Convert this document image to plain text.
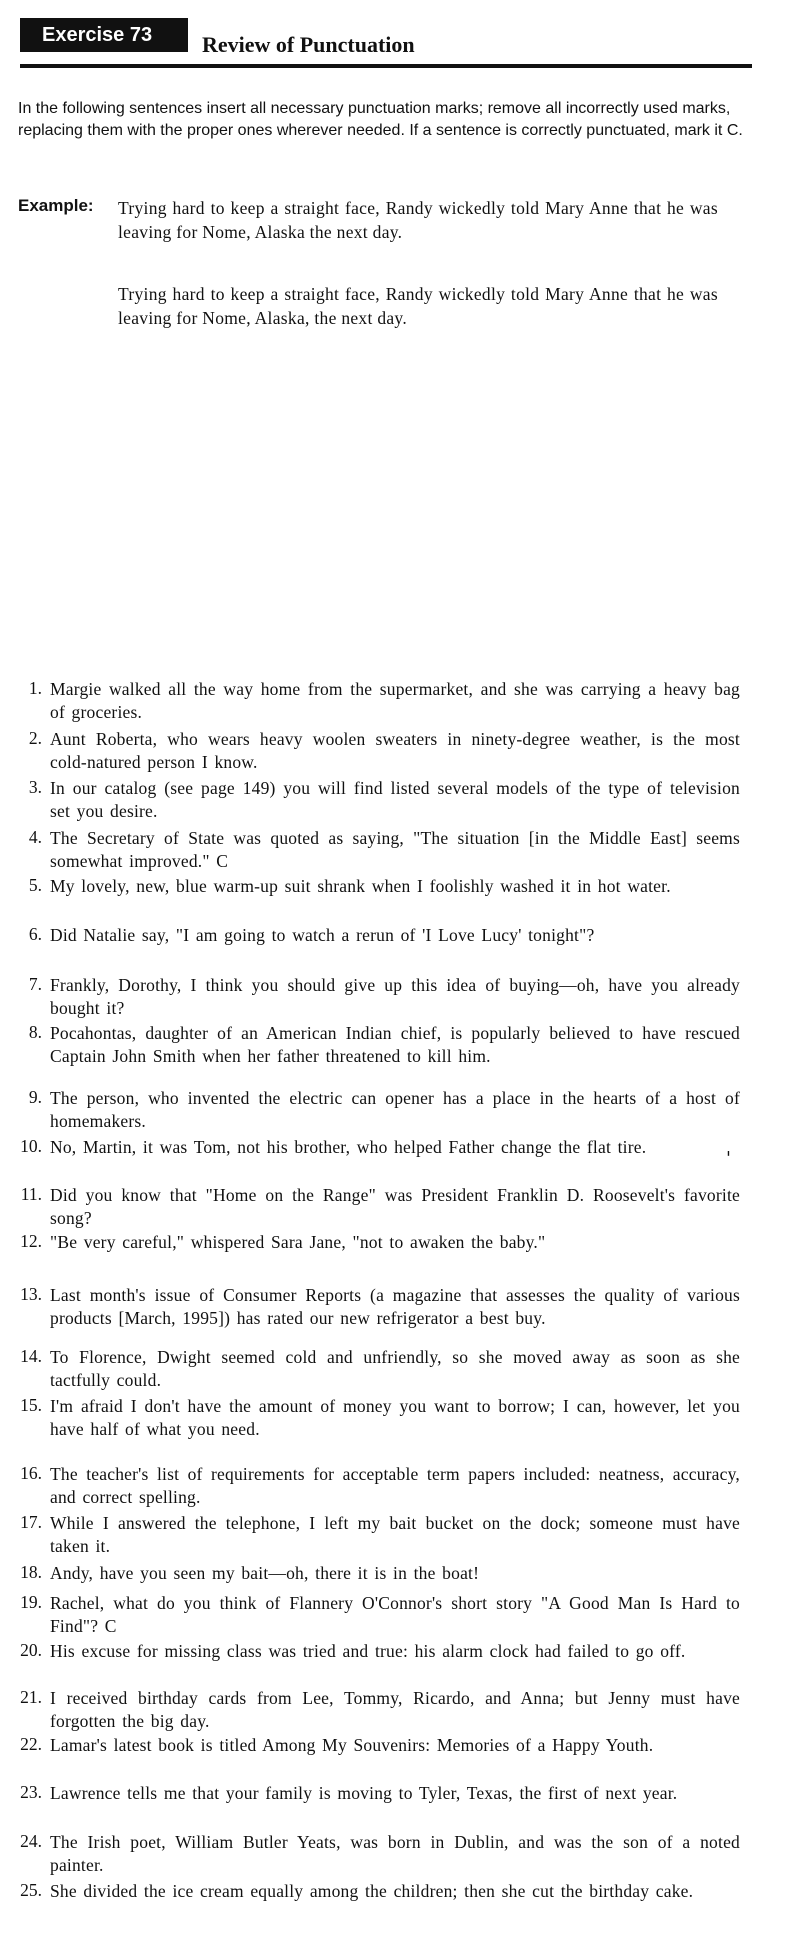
Exercise 73	Review of Punctuation
In the following sentences insert all necessary punctuation marks; remove all incorrectly used marks, replacing them with the proper ones wherever needed. If a sentence is correctly punctuated, mark it C.
Example: Trying hard to keep a straight face, Randy wickedly told Mary Anne that he was leaving for Nome, Alaska the next day.
Trying hard to keep a straight face, Randy wickedly told Mary Anne that he was leaving for Nome, Alaska, the next day.
'
1. Margie walked all the way home from the supermarket, and she was carrying a heavy bag of groceries.
2. Aunt Roberta, who wears heavy woolen sweaters in ninety-degree weather, is the most cold-natured person I know.
3. In our catalog (see page 149) you will find listed several models of the type of television set you desire.
4. The Secretary of State was quoted as saying, "The situation [in the Middle East] seems somewhat improved." C
5. My lovely, new, blue warm-up suit shrank when I foolishly washed it in hot water.
6. Did Natalie say, "I am going to watch a rerun of 'I Love Lucy' tonight"?
7. Frankly, Dorothy, I think you should give up this idea of buying—oh, have you already bought it?
8. Pocahontas, daughter of an American Indian chief, is popularly believed to have rescued Captain John Smith when her father threatened to kill him.
9. The person, who invented the electric can opener has a place in the hearts of a host of homemakers.
10. No, Martin, it was Tom, not his brother, who helped Father change the flat tire.
11. Did you know that "Home on the Range" was President Franklin D. Roosevelt's favorite song?
12. "Be very careful," whispered Sara Jane, "not to awaken the baby."
13. Last month's issue of Consumer Reports (a magazine that assesses the quality of various products [March, 1995]) has rated our new refrigerator a best buy.
14. To Florence, Dwight seemed cold and unfriendly, so she moved away as soon as she tactfully could.
15. I'm afraid I don't have the amount of money you want to borrow; I can, however, let you have half of what you need.
16. The teacher's list of requirements for acceptable term papers included: neatness, accuracy, and correct spelling.
17. While I answered the telephone, I left my bait bucket on the dock; someone must have taken it.
18. Andy, have you seen my bait—oh, there it is in the boat!
19. Rachel, what do you think of Flannery O'Connor's short story "A Good Man Is Hard to Find"? C
20. His excuse for missing class was tried and true: his alarm clock had failed to go off.
21. I received birthday cards from Lee, Tommy, Ricardo, and Anna; but Jenny must have forgotten the big day.
22. Lamar's latest book is titled Among My Souvenirs: Memories of a Happy Youth.
23. Lawrence tells me that your family is moving to Tyler, Texas, the first of next year.
24. The Irish poet, William Butler Yeats, was born in Dublin, and was the son of a noted painter.
25. She divided the ice cream equally among the children; then she cut the birthday cake.
